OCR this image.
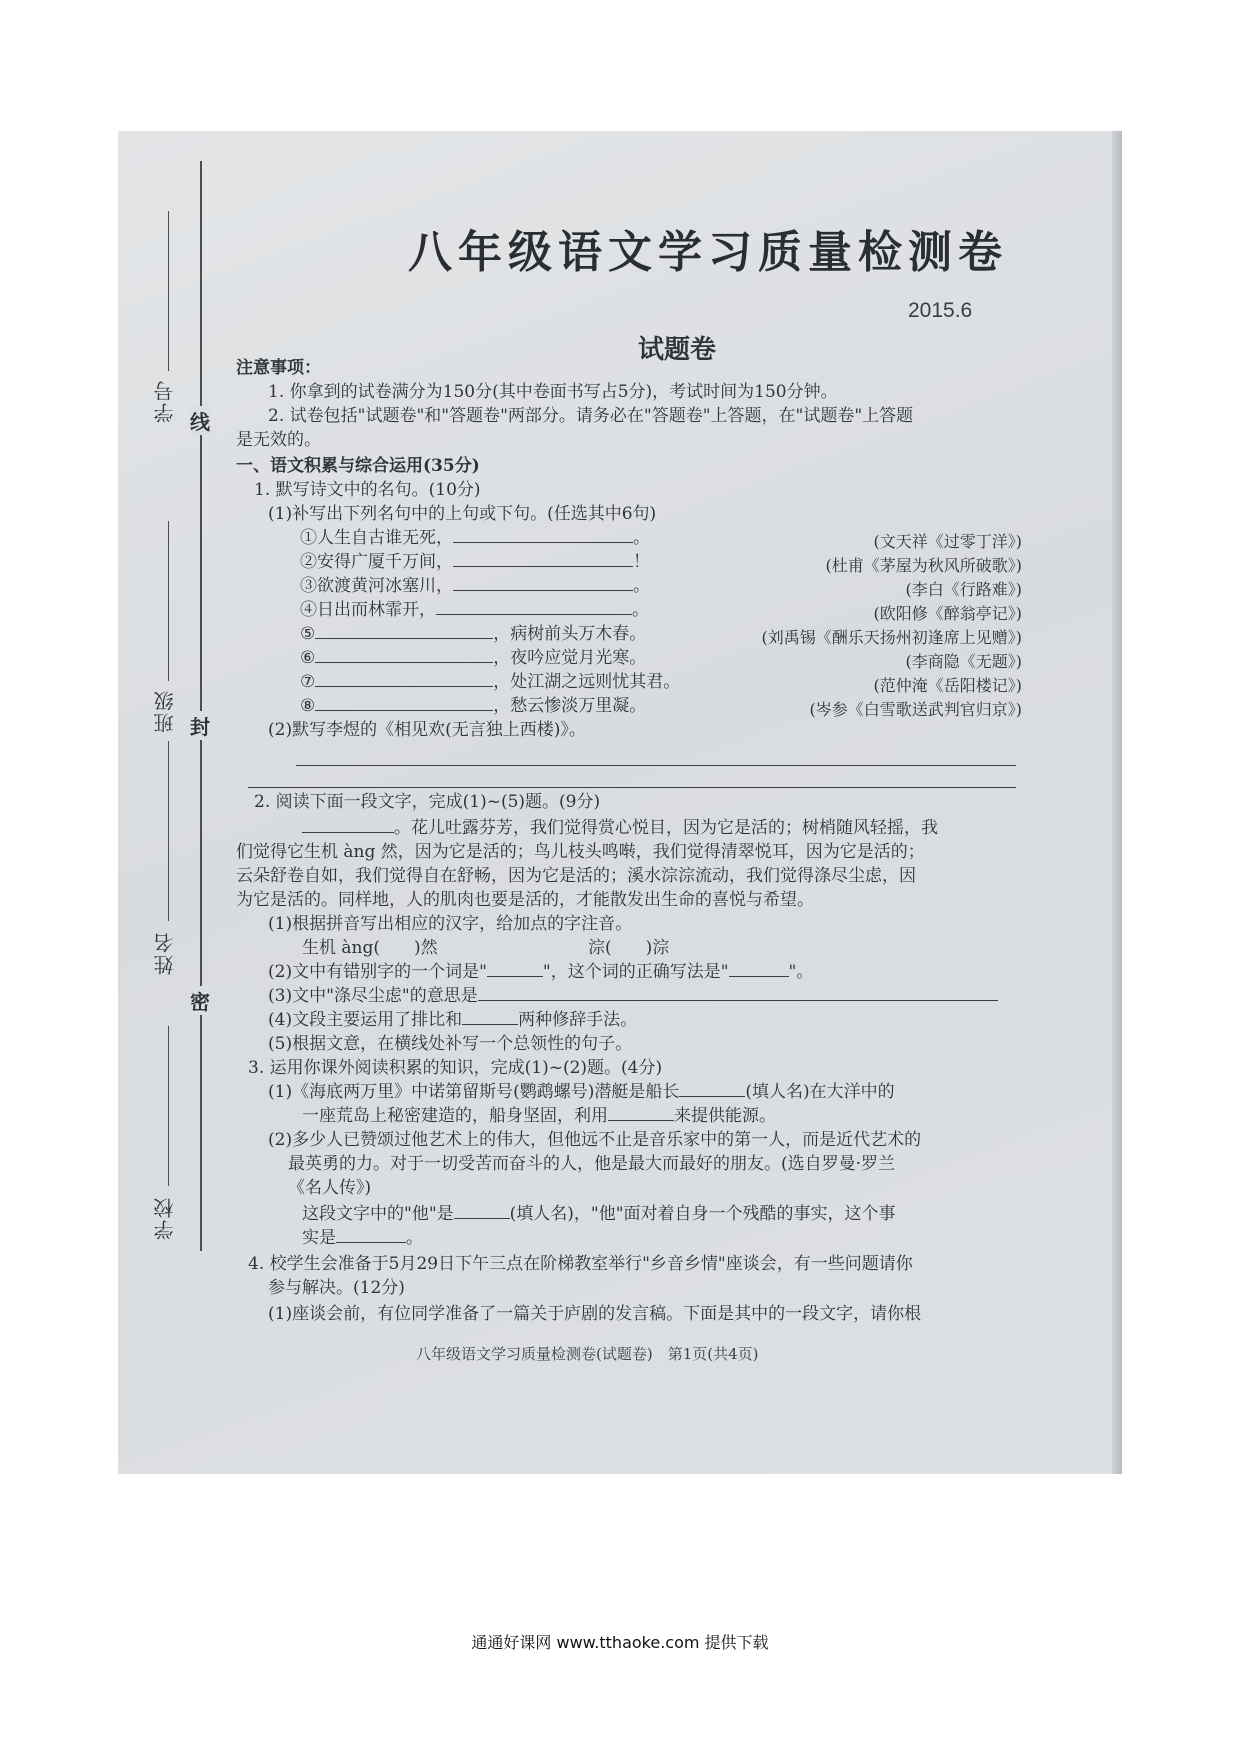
学号
班级
姓名
学校
线
封
密
八年级语文学习质量检测卷
2015.6
试题卷
注意事项：
1. 你拿到的试卷满分为150分(其中卷面书写占5分)，考试时间为150分钟。
2. 试卷包括"试题卷"和"答题卷"两部分。请务必在"答题卷"上答题，在"试题卷"上答题
是无效的。
一、语文积累与综合运用(35分)
1. 默写诗文中的名句。(10分)
(1)补写出下列名句中的上句或下句。(任选其中6句)
①人生自古谁无死，	。	(文天祥《过零丁洋》)
②安得广厦千万间，	！	(杜甫《茅屋为秋风所破歌》)
③欲渡黄河冰塞川，	。	(李白《行路难》)
④日出而林霏开，	。	(欧阳修《醉翁亭记》)
⑤	，病树前头万木春。	(刘禹锡《酬乐天扬州初逢席上见赠》)
⑥	，夜吟应觉月光寒。	(李商隐《无题》)
⑦	，处江湖之远则忧其君。	(范仲淹《岳阳楼记》)
⑧	，愁云惨淡万里凝。	(岑参《白雪歌送武判官归京》)
(2)默写李煜的《相见欢(无言独上西楼)》。
2. 阅读下面一段文字，完成(1)~(5)题。(9分)
。花儿吐露芬芳，我们觉得赏心悦目，因为它是活的；树梢随风轻摇，我
们觉得它生机 àng 然，因为它是活的；鸟儿枝头鸣啭，我们觉得清翠悦耳，因为它是活的；
云朵舒卷自如，我们觉得自在舒畅，因为它是活的；溪水淙淙流动，我们觉得涤尽尘虑，因
为它是活的。同样地，人的肌肉也要是活的，才能散发出生命的喜悦与希望。
(1)根据拼音写出相应的汉字，给加点的字注音。
生机 àng(　　)然	淙(　　)淙
(2)文中有错别字的一个词是"	"，这个词的正确写法是"	"。
(3)文中"涤尽尘虑"的意思是
(4)文段主要运用了排比和	两种修辞手法。
(5)根据文意，在横线处补写一个总领性的句子。
3. 运用你课外阅读积累的知识，完成(1)~(2)题。(4分)
(1)《海底两万里》中诺第留斯号(鹦鹉螺号)潜艇是船长	(填人名)在大洋中的
一座荒岛上秘密建造的，船身坚固，利用	来提供能源。
(2)多少人已赞颂过他艺术上的伟大，但他远不止是音乐家中的第一人，而是近代艺术的
最英勇的力。对于一切受苦而奋斗的人，他是最大而最好的朋友。(选自罗曼·罗兰
《名人传》)
这段文字中的"他"是	(填人名)，"他"面对着自身一个残酷的事实，这个事
实是	。
4. 校学生会准备于5月29日下午三点在阶梯教室举行"乡音乡情"座谈会，有一些问题请你
参与解决。(12分)
(1)座谈会前，有位同学准备了一篇关于庐剧的发言稿。下面是其中的一段文字，请你根
八年级语文学习质量检测卷(试题卷)　第1页(共4页)
通通好课网 www.tthaoke.com 提供下载
